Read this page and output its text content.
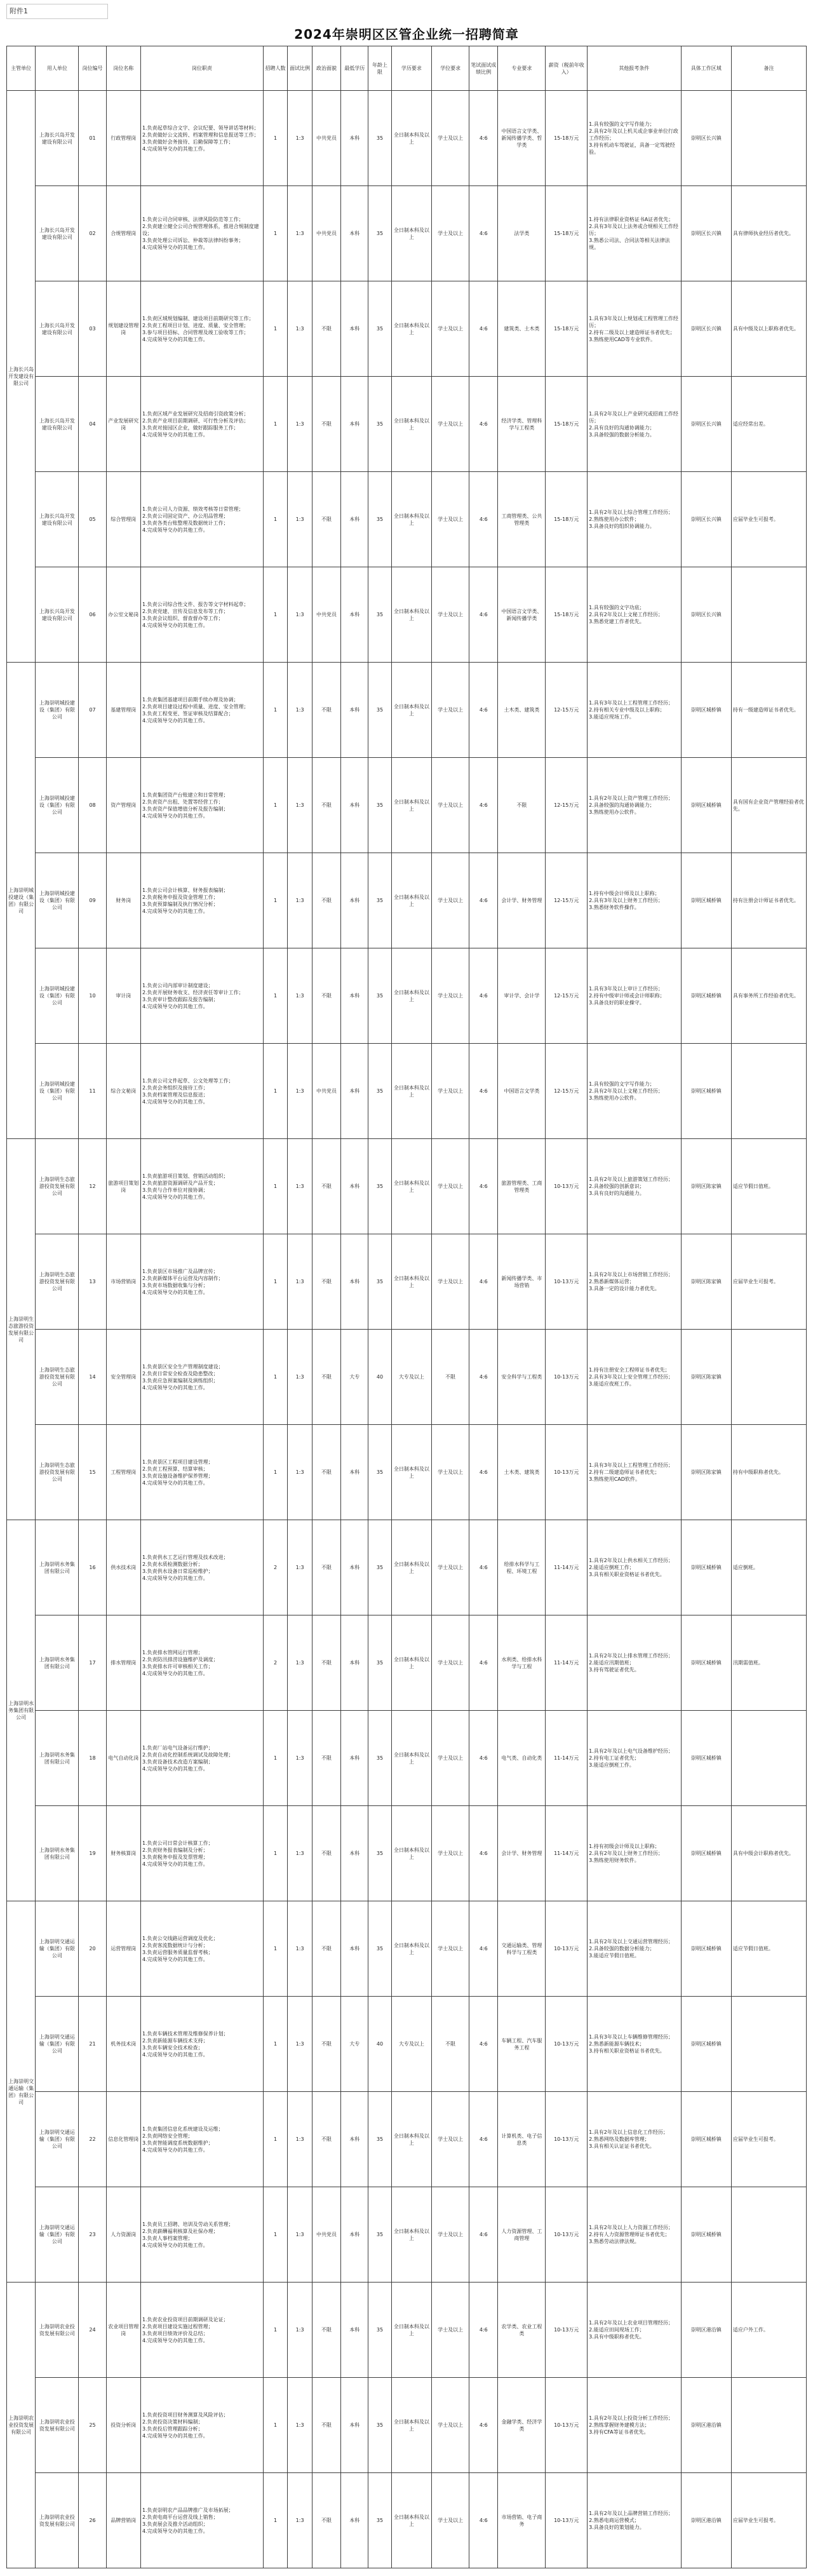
附件1
2024年崇明区区管企业统一招聘简章
主管单位	用人单位	岗位编号	岗位名称	岗位职责	招聘人数	面试比例	政治面貌	最低学历	年龄上限	学历要求	学位要求	笔试面试成绩比例	专业要求	薪资（税前年收入）	其他报考条件	具体工作区域	备注
上海长兴岛开发建设有限公司	上海长兴岛开发建设有限公司	01	行政管理岗	1.负责起草综合文字、会议纪要、领导讲话等材料；
2.负责做好公文流转、档案管理和信息报送等工作；
3.负责做好会务接待、后勤保障等工作；
4.完成领导交办的其他工作。	1	1:3	中共党员	本科	35	全日制本科及以上	学士及以上	4:6	中国语言文学类、新闻传播学类、哲学类	15-18万元	1.具有较强的文字写作能力；
2.具有2年及以上机关或企事业单位行政工作经历；
3.持有机动车驾驶证，具备一定驾驶经验。	崇明区长兴镇	
	上海长兴岛开发建设有限公司	02	合规管理岗	1.负责公司合同审核、法律风险防范等工作；
2.负责建立健全公司合规管理体系，推进合规制度建设；
3.负责处理公司诉讼、仲裁等法律纠纷事务；
4.完成领导交办的其他工作。	1	1:3	中共党员	本科	35	全日制本科及以上	学士及以上	4:6	法学类	15-18万元	1.持有法律职业资格证书A证者优先；
2.具有3年及以上法务或合规相关工作经历；
3.熟悉公司法、合同法等相关法律法规。	崇明区长兴镇	具有律师执业经历者优先。
	上海长兴岛开发建设有限公司	03	规划建设管理岗	1.负责区域规划编制、建设项目前期研究等工作；
2.负责工程项目计划、进度、质量、安全管理；
3.参与项目招标、合同管理及竣工验收等工作；
4.完成领导交办的其他工作。	1	1:3	不限	本科	35	全日制本科及以上	学士及以上	4:6	建筑类、土木类	15-18万元	1.具有3年及以上规划或工程管理工作经历；
2.持有二级及以上建造师证书者优先；
3.熟练使用CAD等专业软件。	崇明区长兴镇	具有中级及以上职称者优先。
	上海长兴岛开发建设有限公司	04	产业发展研究岗	1.负责区域产业发展研究及招商引资政策分析；
2.负责产业项目前期调研、可行性分析及评估；
3.负责对接园区企业，做好跟踪服务工作；
4.完成领导交办的其他工作。	1	1:3	不限	本科	35	全日制本科及以上	学士及以上	4:6	经济学类、管理科学与工程类	15-18万元	1.具有2年及以上产业研究或招商工作经历；
2.具有良好的沟通协调能力；
3.具备较强的数据分析能力。	崇明区长兴镇	适应经常出差。
	上海长兴岛开发建设有限公司	05	综合管理岗	1.负责公司人力资源、绩效考核等日常管理；
2.负责公司固定资产、办公用品管理；
3.负责各类台账整理及数据统计工作；
4.完成领导交办的其他工作。	1	1:3	不限	本科	35	全日制本科及以上	学士及以上	4:6	工商管理类、公共管理类	15-18万元	1.具有2年及以上综合管理工作经历；
2.熟练使用办公软件；
3.具备良好的组织协调能力。	崇明区长兴镇	应届毕业生可报考。
	上海长兴岛开发建设有限公司	06	办公室文秘岗	1.负责公司综合性文件、报告等文字材料起草；
2.负责党建、宣传及信息发布等工作；
3.负责会议组织、督查督办等工作；
4.完成领导交办的其他工作。	1	1:3	中共党员	本科	35	全日制本科及以上	学士及以上	4:6	中国语言文学类、新闻传播学类	15-18万元	1.具有较强的文字功底；
2.具有2年及以上文秘工作经历；
3.熟悉党建工作者优先。	崇明区长兴镇	
上海崇明城投建设（集团）有限公司	上海崇明城投建设（集团）有限公司	07	基建管理岗	1.负责集团基建项目前期手续办理及协调；
2.负责项目建设过程中质量、进度、安全管理；
3.负责工程变更、签证审核及结算配合；
4.完成领导交办的其他工作。	1	1:3	不限	本科	35	全日制本科及以上	学士及以上	4:6	土木类、建筑类	12-15万元	1.具有3年及以上工程管理工作经历；
2.持有相关专业中级及以上职称；
3.能适应现场工作。	崇明区城桥镇	持有一级建造师证书者优先。
	上海崇明城投建设（集团）有限公司	08	资产管理岗	1.负责集团资产台账建立和日常管理；
2.负责资产出租、处置等经营工作；
3.负责资产保值增值分析及报告编制；
4.完成领导交办的其他工作。	1	1:3	不限	本科	35	全日制本科及以上	学士及以上	4:6	不限	12-15万元	1.具有2年及以上资产管理工作经历；
2.具备较强的沟通协调能力；
3.熟练使用办公软件。	崇明区城桥镇	具有国有企业资产管理经验者优先。
	上海崇明城投建设（集团）有限公司	09	财务岗	1.负责公司会计核算、财务报表编制；
2.负责税务申报及资金管理工作；
3.负责预算编制及执行情况分析；
4.完成领导交办的其他工作。	1	1:3	不限	本科	35	全日制本科及以上	学士及以上	4:6	会计学、财务管理	12-15万元	1.持有中级会计师及以上职称；
2.具有3年及以上财务工作经历；
3.熟悉财务软件操作。	崇明区城桥镇	持有注册会计师证书者优先。
	上海崇明城投建设（集团）有限公司	10	审计岗	1.负责公司内部审计制度建设；
2.负责开展财务收支、经济责任等审计工作；
3.负责审计整改跟踪及报告编制；
4.完成领导交办的其他工作。	1	1:3	不限	本科	35	全日制本科及以上	学士及以上	4:6	审计学、会计学	12-15万元	1.具有3年及以上审计工作经历；
2.持有中级审计师或会计师职称；
3.具备良好的职业操守。	崇明区城桥镇	具有事务所工作经验者优先。
	上海崇明城投建设（集团）有限公司	11	综合文秘岗	1.负责公司文件起草、公文处理等工作；
2.负责会务组织及接待工作；
3.负责档案管理及信息报送；
4.完成领导交办的其他工作。	1	1:3	中共党员	本科	35	全日制本科及以上	学士及以上	4:6	中国语言文学类	12-15万元	1.具有较强的文字写作能力；
2.具有2年及以上文秘工作经历；
3.熟练使用办公软件。	崇明区城桥镇	
上海崇明生态旅游投资发展有限公司	上海崇明生态旅游投资发展有限公司	12	旅游项目策划岗	1.负责旅游项目策划、营销活动组织；
2.负责旅游资源调研及产品开发；
3.负责与合作单位对接协调；
4.完成领导交办的其他工作。	1	1:3	不限	本科	35	全日制本科及以上	学士及以上	4:6	旅游管理类、工商管理类	10-13万元	1.具有2年及以上旅游策划工作经历；
2.具备较强的创新意识；
3.具有良好的沟通能力。	崇明区陈家镇	适应节假日值班。
	上海崇明生态旅游投资发展有限公司	13	市场营销岗	1.负责景区市场推广及品牌宣传；
2.负责新媒体平台运营及内容制作；
3.负责市场数据收集与分析；
4.完成领导交办的其他工作。	1	1:3	不限	本科	35	全日制本科及以上	学士及以上	4:6	新闻传播学类、市场营销	10-13万元	1.具有2年及以上市场营销工作经历；
2.熟悉新媒体运营；
3.具备一定的设计能力者优先。	崇明区陈家镇	应届毕业生可报考。
	上海崇明生态旅游投资发展有限公司	14	安全管理岗	1.负责景区安全生产管理制度建设；
2.负责日常安全检查及隐患整改；
3.负责应急预案编制及演练组织；
4.完成领导交办的其他工作。	1	1:3	不限	大专	40	大专及以上	不限	4:6	安全科学与工程类	10-13万元	1.持有注册安全工程师证书者优先；
2.具有3年及以上安全管理工作经历；
3.能适应夜班工作。	崇明区陈家镇	
	上海崇明生态旅游投资发展有限公司	15	工程管理岗	1.负责景区工程项目建设管理；
2.负责工程预算、结算审核；
3.负责设施设备维护保养管理；
4.完成领导交办的其他工作。	1	1:3	不限	本科	35	全日制本科及以上	学士及以上	4:6	土木类、建筑类	10-13万元	1.具有3年及以上工程管理工作经历；
2.持有二级建造师证书者优先；
3.熟练使用CAD软件。	崇明区陈家镇	持有中级职称者优先。
上海崇明水务集团有限公司	上海崇明水务集团有限公司	16	供水技术岗	1.负责供水工艺运行管理及技术改进；
2.负责水质检测数据分析；
3.负责供水设备日常巡检维护；
4.完成领导交办的其他工作。	2	1:3	不限	本科	35	全日制本科及以上	学士及以上	4:6	给排水科学与工程、环境工程	11-14万元	1.具有2年及以上供水相关工作经历；
2.能适应倒班工作；
3.具有相关职业资格证书者优先。	崇明区城桥镇	适应倒班。
	上海崇明水务集团有限公司	17	排水管理岗	1.负责排水管网运行管理；
2.负责防汛排涝设施维护及调度；
3.负责排水许可审核相关工作；
4.完成领导交办的其他工作。	2	1:3	不限	本科	35	全日制本科及以上	学士及以上	4:6	水利类、给排水科学与工程	11-14万元	1.具有2年及以上排水管理工作经历；
2.能适应汛期值班；
3.持有驾驶证者优先。	崇明区城桥镇	汛期需值班。
	上海崇明水务集团有限公司	18	电气自动化岗	1.负责厂站电气设备运行维护；
2.负责自动化控制系统调试及故障处理；
3.负责设备技术改造方案编制；
4.完成领导交办的其他工作。	1	1:3	不限	本科	35	全日制本科及以上	学士及以上	4:6	电气类、自动化类	11-14万元	1.具有2年及以上电气设备维护经历；
2.持有电工证者优先；
3.能适应倒班工作。	崇明区城桥镇	
	上海崇明水务集团有限公司	19	财务核算岗	1.负责公司日常会计核算工作；
2.负责财务报表编制及分析；
3.负责税务申报及发票管理；
4.完成领导交办的其他工作。	1	1:3	不限	本科	35	全日制本科及以上	学士及以上	4:6	会计学、财务管理	11-14万元	1.持有初级会计师及以上职称；
2.具有2年及以上财务工作经历；
3.熟练使用财务软件。	崇明区城桥镇	具有中级会计职称者优先。
上海崇明交通运输（集团）有限公司	上海崇明交通运输（集团）有限公司	20	运营管理岗	1.负责公交线路运营调度及优化；
2.负责客流数据统计与分析；
3.负责运营服务质量监督考核；
4.完成领导交办的其他工作。	1	1:3	不限	本科	35	全日制本科及以上	学士及以上	4:6	交通运输类、管理科学与工程类	10-13万元	1.具有2年及以上交通运营管理经历；
2.具备较强的数据分析能力；
3.能适应节假日值班。	崇明区城桥镇	适应节假日值班。
	上海崇明交通运输（集团）有限公司	21	机务技术岗	1.负责车辆技术管理及维修保养计划；
2.负责新能源车辆技术支持；
3.负责车辆安全技术检查；
4.完成领导交办的其他工作。	1	1:3	不限	大专	40	大专及以上	不限	4:6	车辆工程、汽车服务工程	10-13万元	1.具有3年及以上车辆维修管理经历；
2.熟悉新能源车辆技术；
3.持有相关职业资格证书者优先。	崇明区城桥镇	
	上海崇明交通运输（集团）有限公司	22	信息化管理岗	1.负责集团信息化系统建设及运维；
2.负责网络安全管理；
3.负责智能调度系统数据维护；
4.完成领导交办的其他工作。	1	1:3	不限	本科	35	全日制本科及以上	学士及以上	4:6	计算机类、电子信息类	10-13万元	1.具有2年及以上信息化工作经历；
2.熟悉网络及数据库管理；
3.具有相关认证证书者优先。	崇明区城桥镇	应届毕业生可报考。
	上海崇明交通运输（集团）有限公司	23	人力资源岗	1.负责员工招聘、培训及劳动关系管理；
2.负责薪酬福利核算及社保办理；
3.负责人事档案管理；
4.完成领导交办的其他工作。	1	1:3	中共党员	本科	35	全日制本科及以上	学士及以上	4:6	人力资源管理、工商管理	10-13万元	1.具有2年及以上人力资源工作经历；
2.持有人力资源管理师证书者优先；
3.熟悉劳动法律法规。	崇明区城桥镇	
上海崇明农业投资发展有限公司	上海崇明农业投资发展有限公司	24	农业项目管理岗	1.负责农业投资项目前期调研及论证；
2.负责项目建设实施过程管理；
3.负责项目绩效评价及总结；
4.完成领导交办的其他工作。	1	1:3	不限	本科	35	全日制本科及以上	学士及以上	4:6	农学类、农业工程类	10-13万元	1.具有2年及以上农业项目管理经历；
2.能适应田间现场工作；
3.具有中级职称者优先。	崇明区港沿镇	适应户外工作。
	上海崇明农业投资发展有限公司	25	投资分析岗	1.负责投资项目财务测算及风险评估；
2.负责投资决策材料编制；
3.负责投后管理跟踪分析；
4.完成领导交办的其他工作。	1	1:3	不限	本科	35	全日制本科及以上	学士及以上	4:6	金融学类、经济学类	10-13万元	1.具有2年及以上投资分析工作经历；
2.熟练掌握财务建模方法；
3.持有CFA等证书者优先。	崇明区港沿镇	
	上海崇明农业投资发展有限公司	26	品牌营销岗	1.负责崇明农产品品牌推广及市场拓展；
2.负责电商平台运营及线上销售；
3.负责展会及推介活动组织；
4.完成领导交办的其他工作。	1	1:3	不限	本科	35	全日制本科及以上	学士及以上	4:6	市场营销、电子商务	10-13万元	1.具有2年及以上品牌营销工作经历；
2.熟悉电商运营模式；
3.具备良好的策划能力。	崇明区港沿镇	应届毕业生可报考。
